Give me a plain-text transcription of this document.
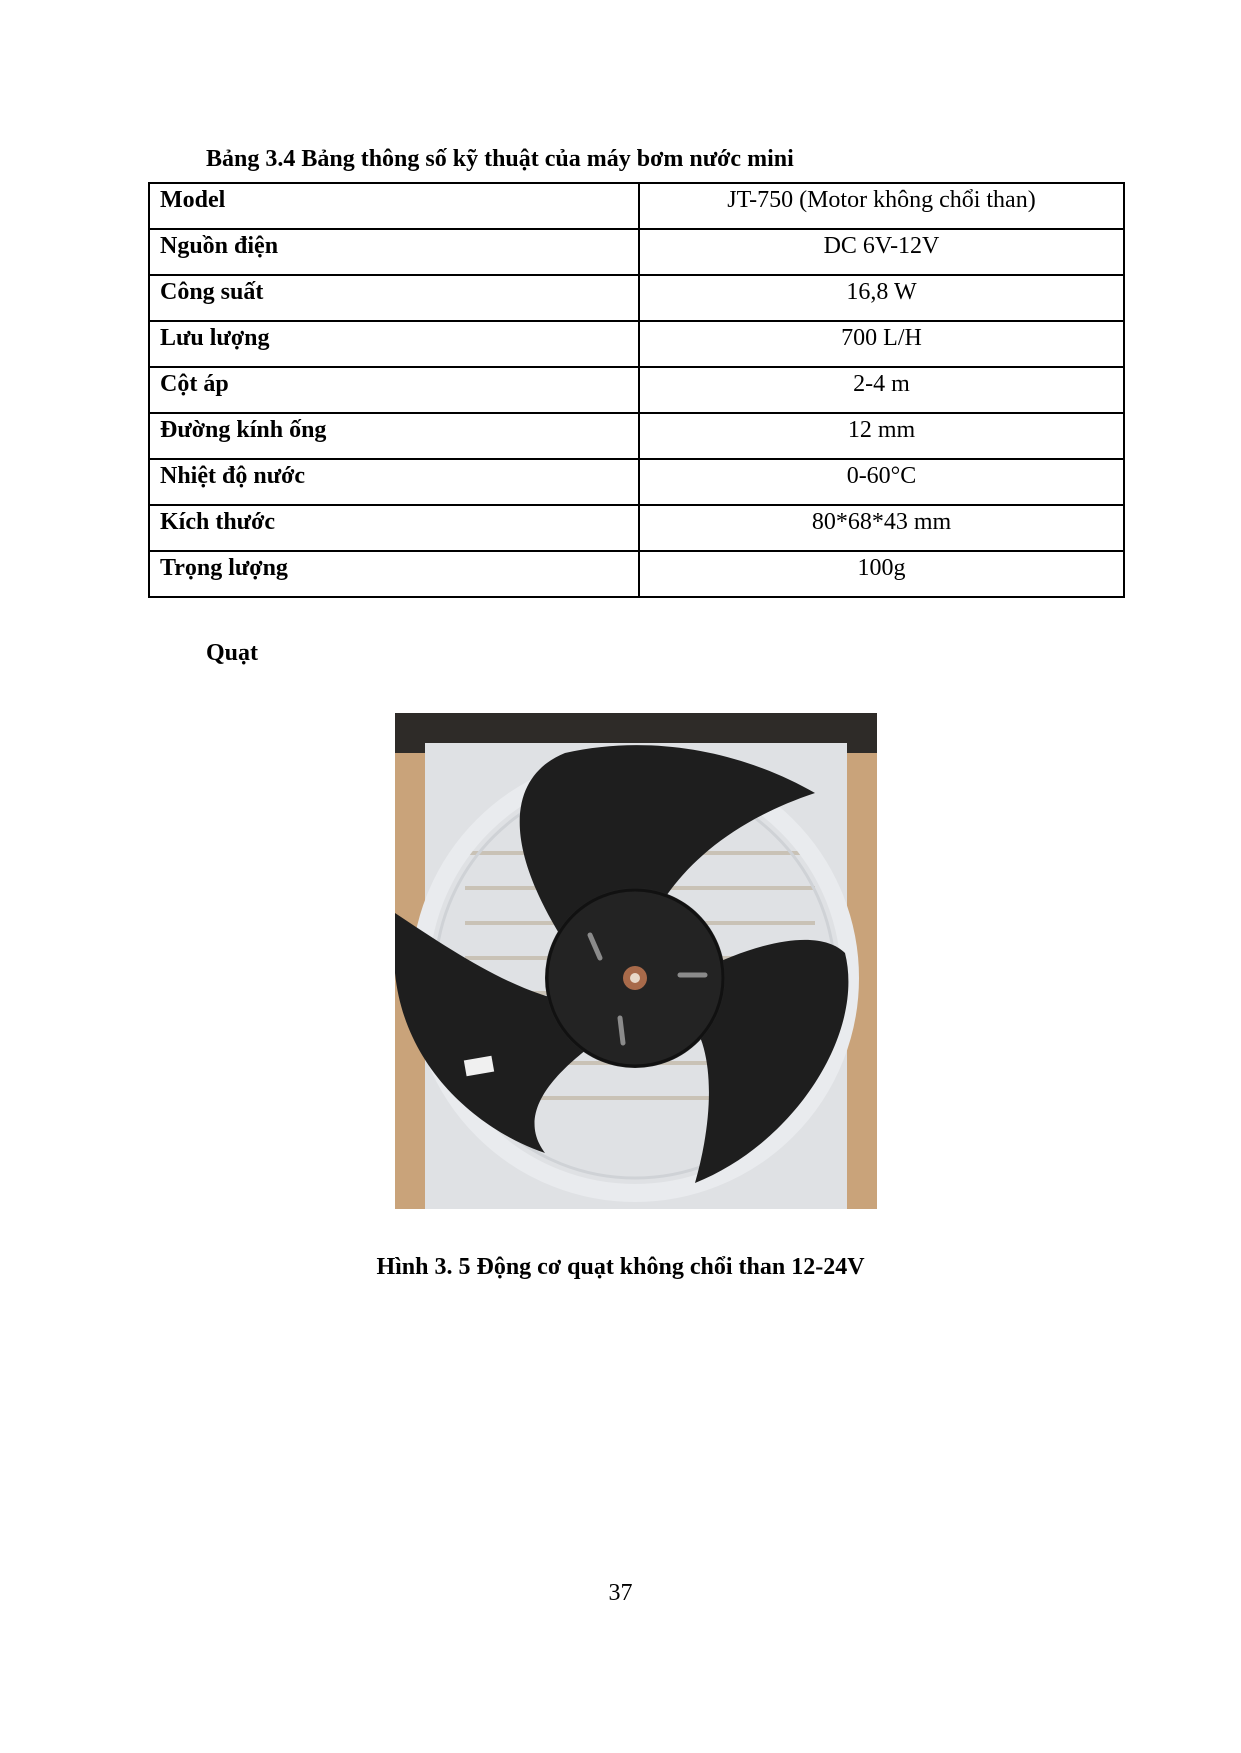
Bảng 3.4 Bảng thông số kỹ thuật của máy bơm nước mini
Model	JT-750 (Motor không chổi than)
Nguồn điện	DC 6V-12V
Công suất	16,8 W
Lưu lượng	700 L/H
Cột áp	2-4 m
Đường kính ống	12 mm
Nhiệt độ nước	0-60°C
Kích thước	80*68*43 mm
Trọng lượng	100g
Quạt
Hình 3. 5 Động cơ quạt không chổi than 12-24V
37
